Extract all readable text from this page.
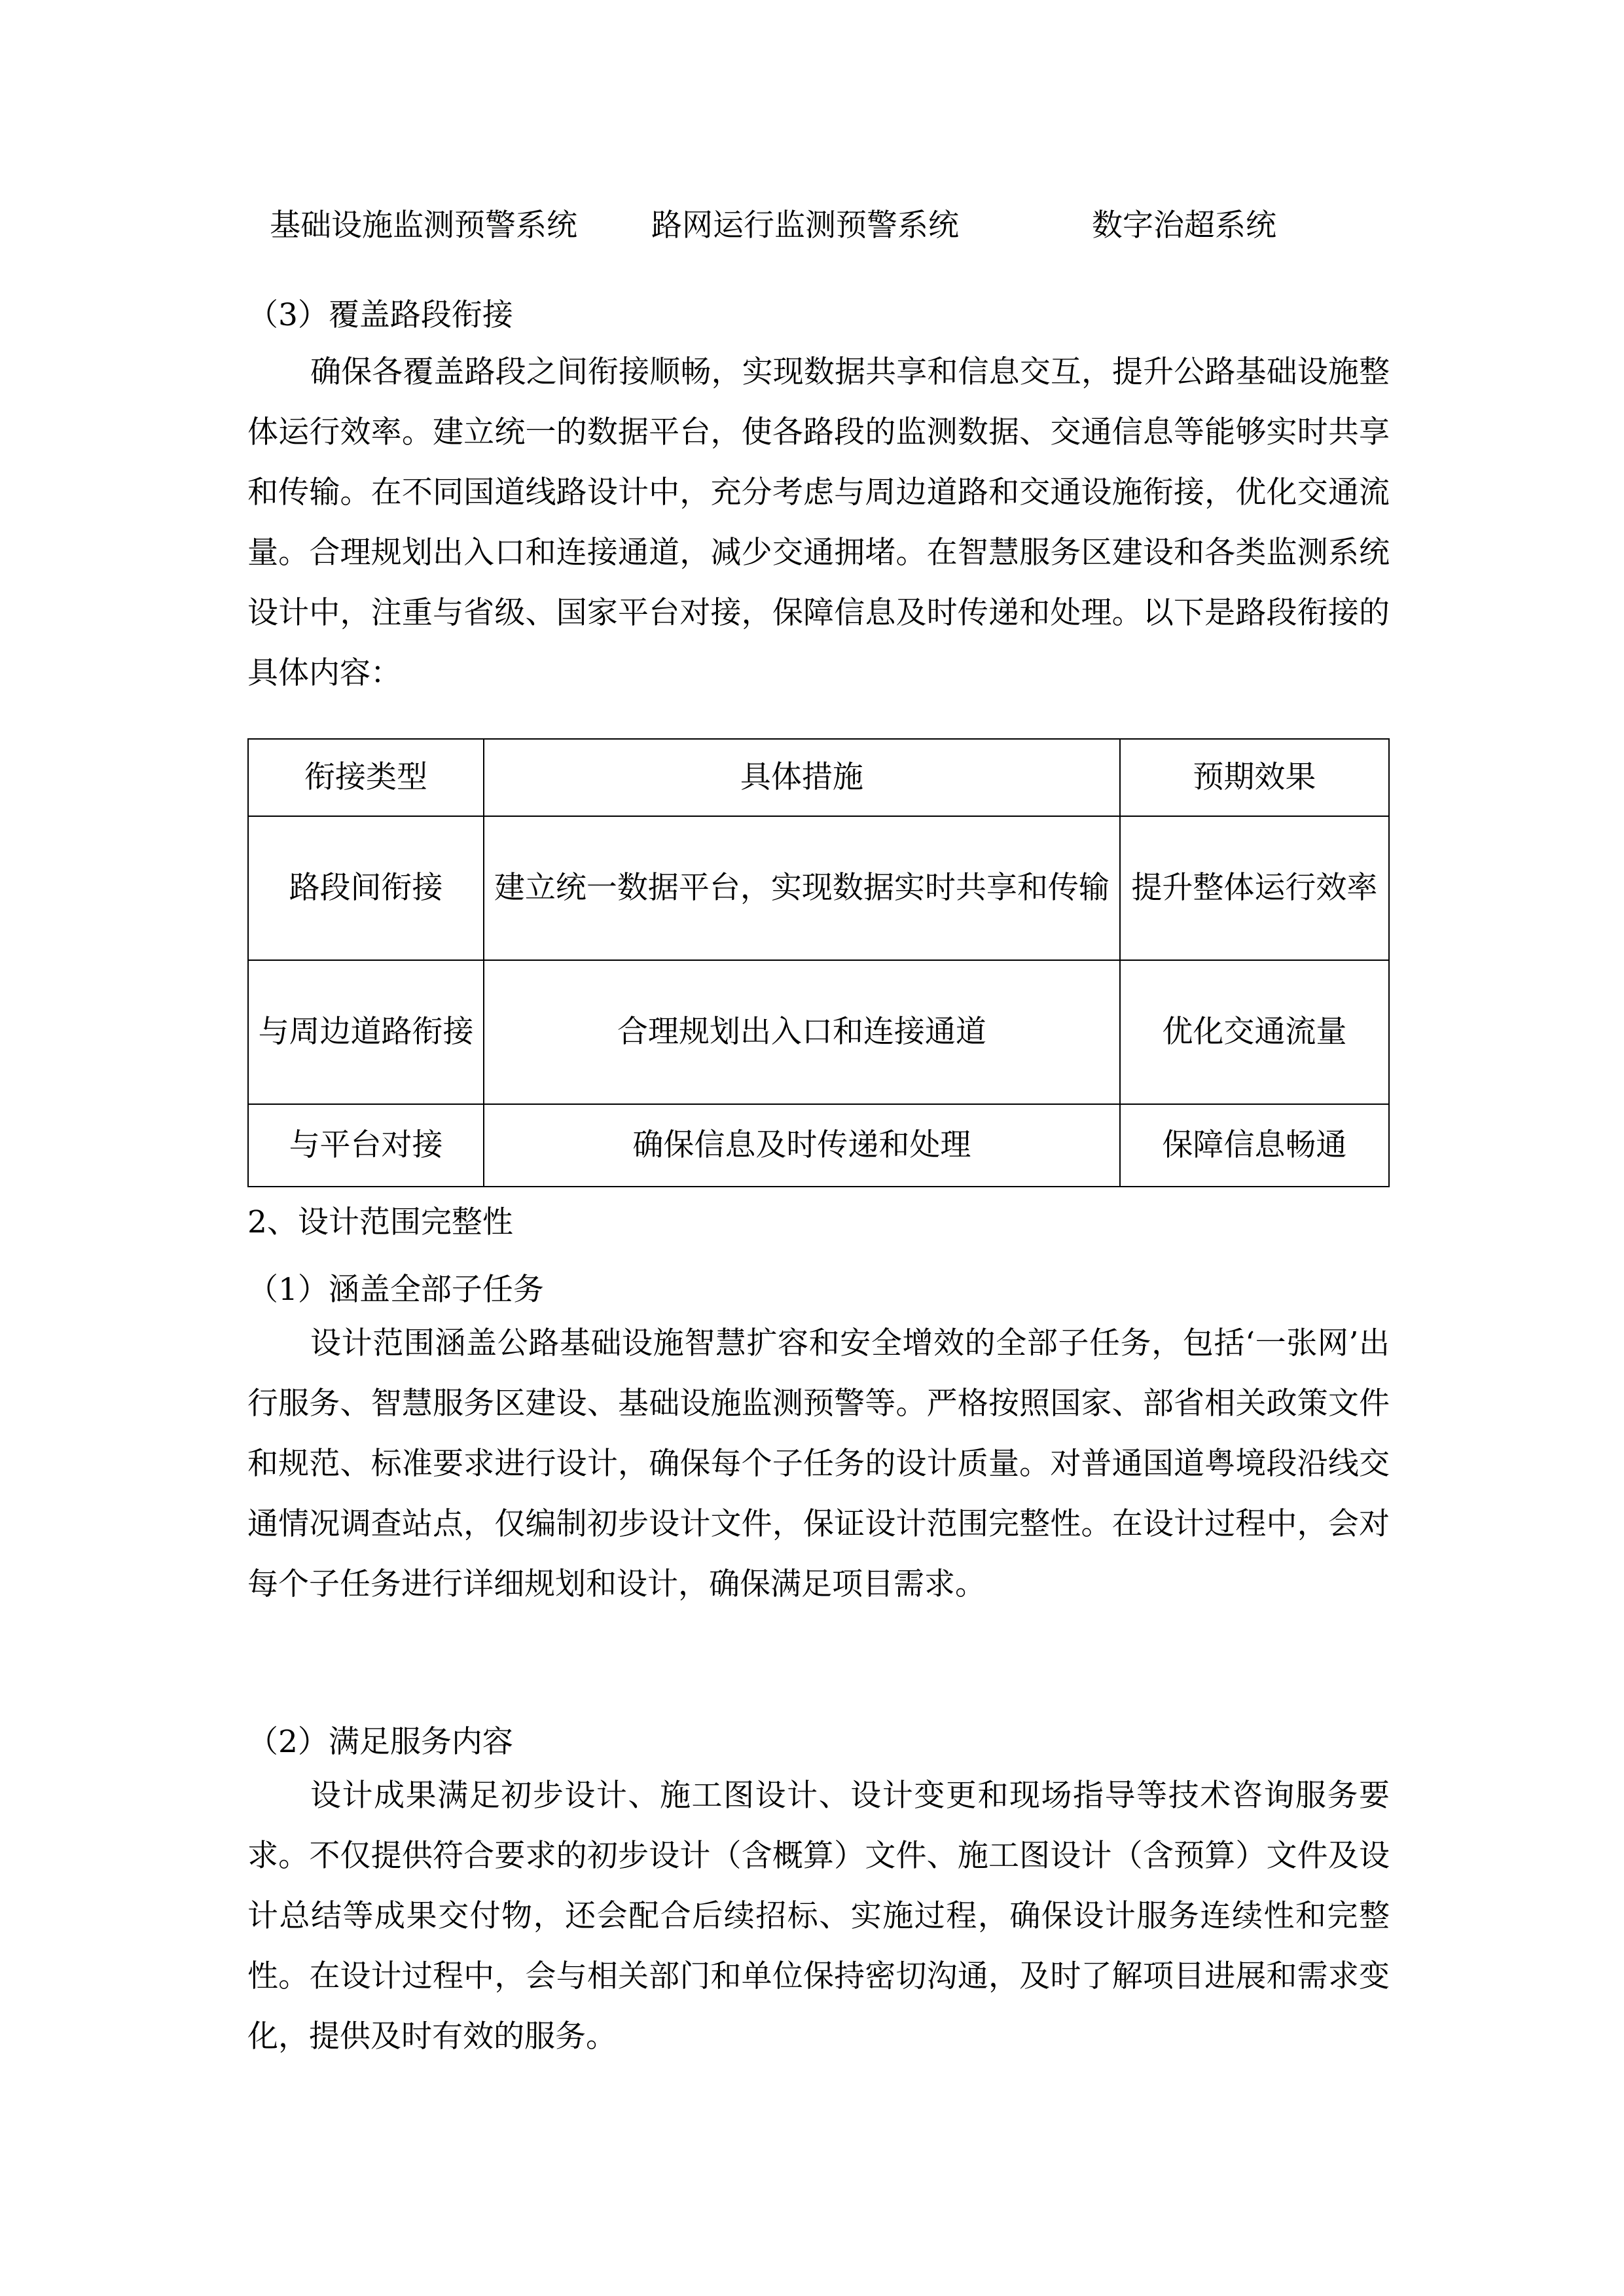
基础设施监测预警系统 路网运行监测预警系统	数字治超系统
（3）覆盖路段衔接

确保各覆盖路段之间衔接顺畅，实现数据共享和信息交互，提升公路基础设施整体运行效率。建立统一的数据平台，使各路段的监测数据、交通信息等能够实时共享和传输。在不同国道线路设计中，充分考虑与周边道路和交通设施衔接，优化交通流量。合理规划出入口和连接通道，减少交通拥堵。在智慧服务区建设和各类监测系统设计中，注重与省级、国家平台对接，保障信息及时传递和处理。以下是路段衔接的具体内容：

衔接类型	具体措施	预期效果
路段间衔接	建立统一数据平台，实现数据实时共享和传输	提升整体运行效率
与周边道路衔接	合理规划出入口和连接通道	优化交通流量
与平台对接	确保信息及时传递和处理	保障信息畅通
2、设计范围完整性
（1）涵盖全部子任务

设计范围涵盖公路基础设施智慧扩容和安全增效的全部子任务，包括‘一张网’出行服务、智慧服务区建设、基础设施监测预警等。严格按照国家、部省相关政策文件和规范、标准要求进行设计，确保每个子任务的设计质量。对普通国道粤境段沿线交通情况调查站点，仅编制初步设计文件，保证设计范围完整性。在设计过程中，会对每个子任务进行详细规划和设计，确保满足项目需求。

（2）满足服务内容

设计成果满足初步设计、施工图设计、设计变更和现场指导等技术咨询服务要求。不仅提供符合要求的初步设计（含概算）文件、施工图设计（含预算）文件及设计总结等成果交付物，还会配合后续招标、实施过程，确保设计服务连续性和完整性。在设计过程中，会与相关部门和单位保持密切沟通，及时了解项目进展和需求变化，提供及时有效的服务。
